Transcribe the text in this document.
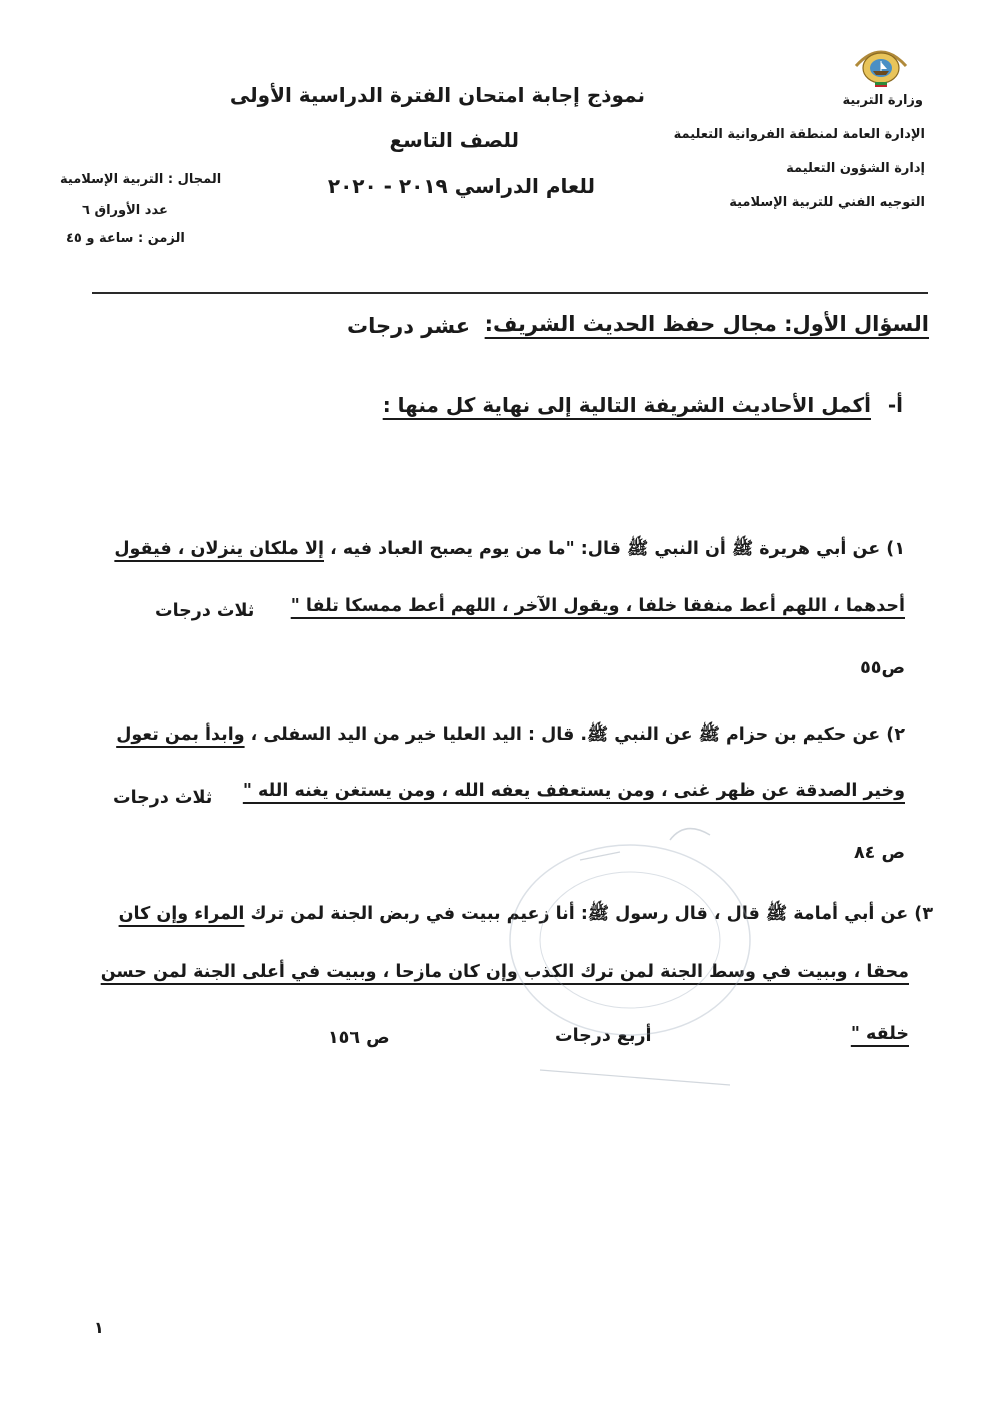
وزارة التربية
الإدارة العامة لمنطقة الفروانية التعليمة
إدارة الشؤون التعليمة
التوجيه الفني للتربية الإسلامية
نموذج إجابة امتحان الفترة الدراسية الأولى
للصف التاسع
للعام الدراسي ٢٠١٩ - ٢٠٢٠
المجال : التربية الإسلامية
عدد الأوراق ٦
الزمن : ساعة و ٤٥
السؤال الأول: مجال حفظ الحديث الشريف:
عشر درجات
أ-
أكمل الأحاديث الشريفة التالية إلى نهاية كل منها :
١) عن أبي هريرة ﷺ أن النبي ﷺ قال: "ما من يوم يصبح العباد فيه ، إلا ملكان ينزلان ، فيقول
أحدهما ، اللهم أعط منفقا خلفا ، ويقول الآخر ، اللهم أعط ممسكا تلفا "
ثلاث درجات
ص٥٥
٢) عن حكيم بن حزام ﷺ عن النبي ﷺ. قال : اليد العليا خير من اليد السفلى ، وابدأ بمن تعول
وخير الصدقة عن ظهر غنى ، ومن يستعفف يعفه الله ، ومن يستغن يغنه الله "
ثلاث درجات
ص ٨٤
٣) عن أبي أمامة ﷺ قال ، قال رسول ﷺ: أنا زعيم ببيت في ربض الجنة لمن ترك المراء وإن كان
محقا ، وببيت في وسط الجنة لمن ترك الكذب وإن كان مازحا ، وببيت في أعلى الجنة لمن حسن
خلقه "
أربع درجات
ص ١٥٦
١
